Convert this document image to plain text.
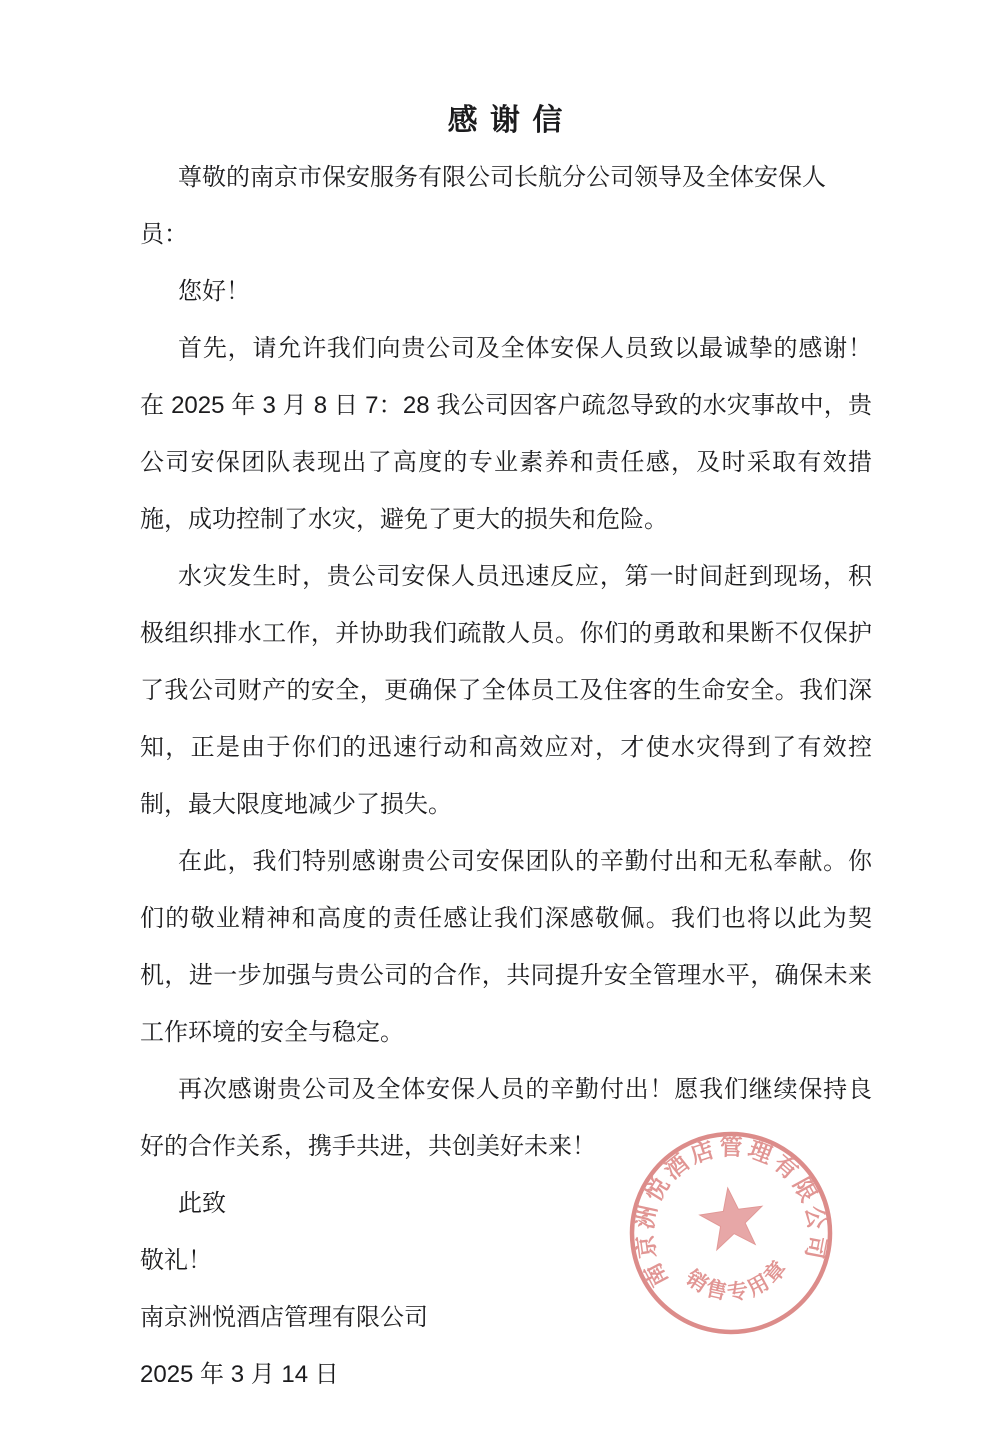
感 谢 信

尊敬的南京市保安服务有限公司长航分公司领导及全体安保人员：

您好！

首先，请允许我们向贵公司及全体安保人员致以最诚挚的感谢！在 2025 年 3 月 8 日 7：28 我公司因客户疏忽导致的水灾事故中，贵公司安保团队表现出了高度的专业素养和责任感，及时采取有效措施，成功控制了水灾，避免了更大的损失和危险。

水灾发生时，贵公司安保人员迅速反应，第一时间赶到现场，积极组织排水工作，并协助我们疏散人员。你们的勇敢和果断不仅保护了我公司财产的安全，更确保了全体员工及住客的生命安全。我们深知，正是由于你们的迅速行动和高效应对，才使水灾得到了有效控制，最大限度地减少了损失。

在此，我们特别感谢贵公司安保团队的辛勤付出和无私奉献。你们的敬业精神和高度的责任感让我们深感敬佩。我们也将以此为契机，进一步加强与贵公司的合作，共同提升安全管理水平，确保未来工作环境的安全与稳定。

再次感谢贵公司及全体安保人员的辛勤付出！愿我们继续保持良好的合作关系，携手共进，共创美好未来！

此致

敬礼！

南京洲悦酒店管理有限公司

2025 年 3 月 14 日

南京洲悦酒店管理有限公司
销售专用章
